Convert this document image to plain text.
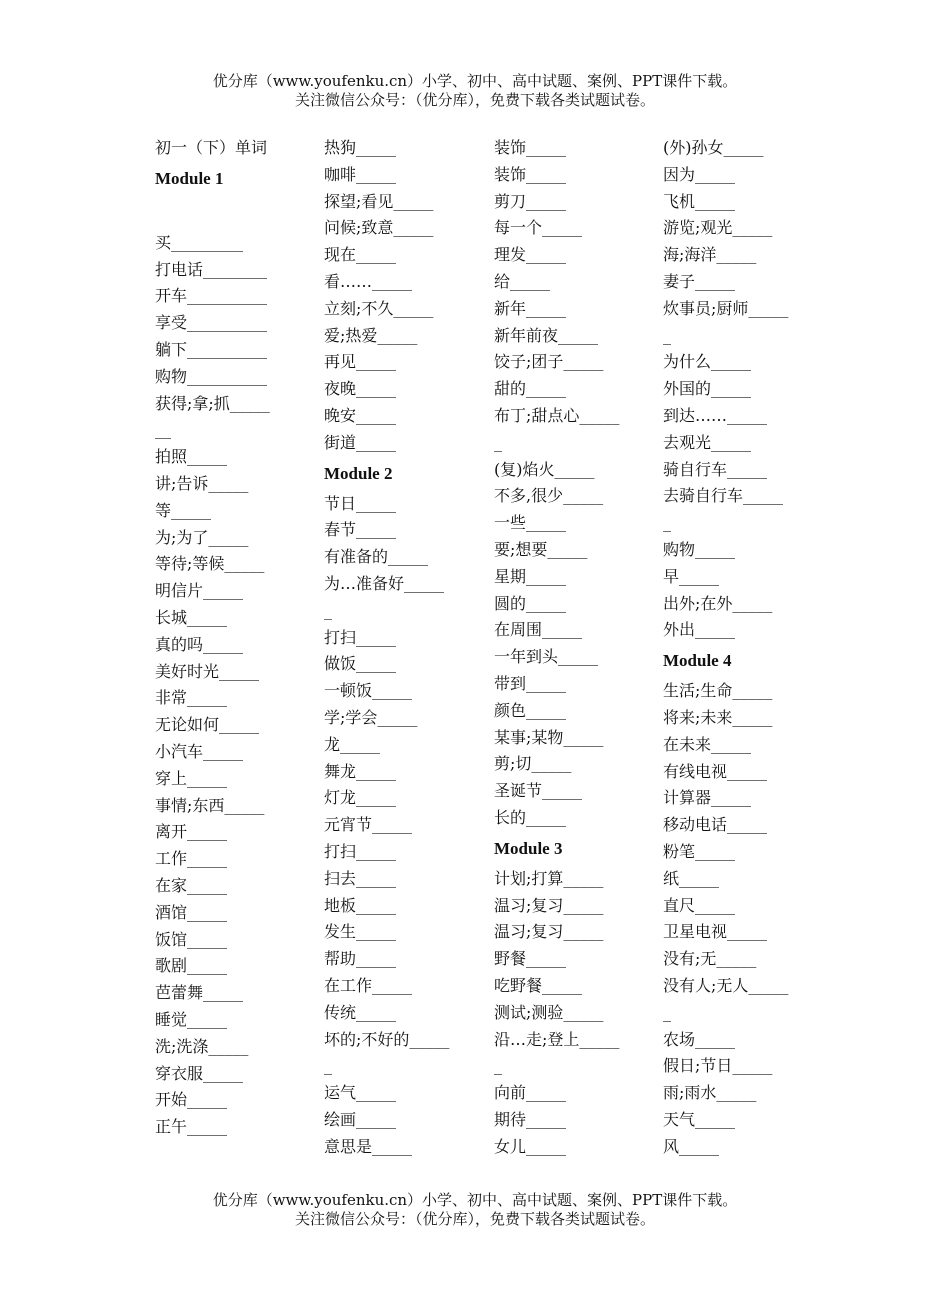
优分库（www.youfenku.cn）小学、初中、高中试题、案例、PPT课件下载。
关注微信公众号：（优分库），免费下载各类试题试卷。
初一（下）单词
Module 1
买_________
打电话________
开车__________
享受__________
躺下__________
购物__________
获得;拿;抓_____
__
拍照_____
讲;告诉_____
等_____
为;为了_____
等待;等候_____
明信片_____
长城_____
真的吗_____
美好时光_____
非常_____
无论如何_____
小汽车_____
穿上_____
事情;东西_____
离开_____
工作_____
在家_____
酒馆_____
饭馆_____
歌剧_____
芭蕾舞_____
睡觉_____
洗;洗涤_____
穿衣服_____
开始_____
正午_____
热狗_____
咖啡_____
探望;看见_____
问候;致意_____
现在_____
看……_____
立刻;不久_____
爱;热爱_____
再见_____
夜晚_____
晚安_____
街道_____
Module 2
节日_____
春节_____
有准备的_____
为…准备好_____
_
打扫_____
做饭_____
一顿饭_____
学;学会_____
龙_____
舞龙_____
灯龙_____
元宵节_____
打扫_____
扫去_____
地板_____
发生_____
帮助_____
在工作_____
传统_____
坏的;不好的_____
_
运气_____
绘画_____
意思是_____
装饰_____
装饰_____
剪刀_____
每一个_____
理发_____
给_____
新年_____
新年前夜_____
饺子;团子_____
甜的_____
布丁;甜点心_____
_
(复)焰火_____
不多,很少_____
一些_____
要;想要_____
星期_____
圆的_____
在周围_____
一年到头_____
带到_____
颜色_____
某事;某物_____
剪;切_____
圣诞节_____
长的_____
Module 3
计划;打算_____
温习;复习_____
温习;复习_____
野餐_____
吃野餐_____
测试;测验_____
沿…走;登上_____
_
向前_____
期待_____
女儿_____
(外)孙女_____
因为_____
飞机_____
游览;观光_____
海;海洋_____
妻子_____
炊事员;厨师_____
_
为什么_____
外国的_____
到达……_____
去观光_____
骑自行车_____
去骑自行车_____
_
购物_____
早_____
出外;在外_____
外出_____
Module 4
生活;生命_____
将来;未来_____
在未来_____
有线电视_____
计算器_____
移动电话_____
粉笔_____
纸_____
直尺_____
卫星电视_____
没有;无_____
没有人;无人_____
_
农场_____
假日;节日_____
雨;雨水_____
天气_____
风_____
优分库（www.youfenku.cn）小学、初中、高中试题、案例、PPT课件下载。
关注微信公众号：（优分库），免费下载各类试题试卷。
